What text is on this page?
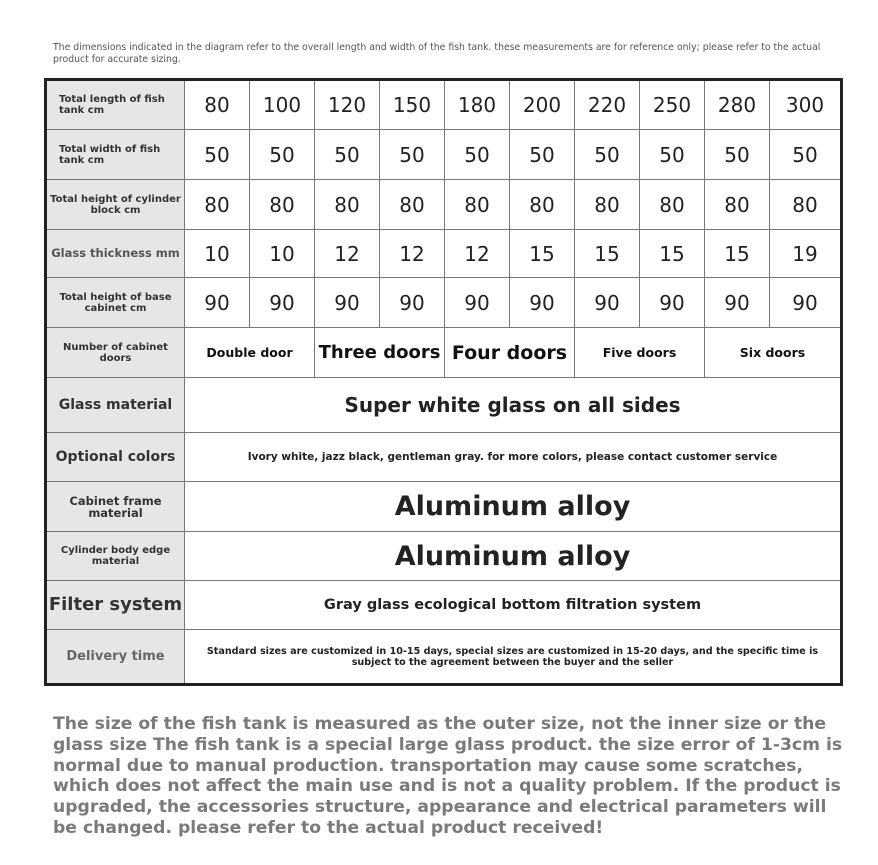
The dimensions indicated in the diagram refer to the overall length and width of the fish tank. these measurements are for reference only; please refer to the actual product for accurate sizing.
Total length of fish tank cm	80	100	120	150	180	200	220	250	280	300
Total width of fish tank cm	50	50	50	50	50	50	50	50	50	50
Total height of cylinder block cm	80	80	80	80	80	80	80	80	80	80
Glass thickness mm	10	10	12	12	12	15	15	15	15	19
Total height of base cabinet cm	90	90	90	90	90	90	90	90	90	90
Number of cabinet doors	Double door		Three doors		Four doors		Five doors		Six doors	
Glass material	Super white glass on all sides									
Optional colors	Ivory white, jazz black, gentleman gray. for more colors, please contact customer service									
Cabinet frame material	Aluminum alloy									
Cylinder body edge material	Aluminum alloy									
Filter system	Gray glass ecological bottom filtration system									
Delivery time	Standard sizes are customized in 10-15 days, special sizes are customized in 15-20 days, and the specific time is subject to the agreement between the buyer and the seller									
The size of the fish tank is measured as the outer size, not the inner size or the glass size The fish tank is a special large glass product. the size error of 1-3cm is normal due to manual production. transportation may cause some scratches, which does not affect the main use and is not a quality problem. If the product is upgraded, the accessories structure, appearance and electrical parameters will be changed. please refer to the actual product received!
